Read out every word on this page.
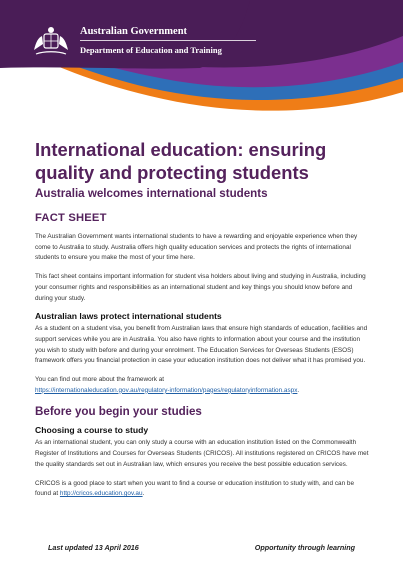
Australian Government
Department of Education and Training
International education: ensuring
quality and protecting students
Australia welcomes international students
FACT SHEET

The Australian Government wants international students to have a rewarding and enjoyable experience when they come to Australia to study. Australia offers high quality education services and protects the rights of international students to ensure you make the most of your time here.

This fact sheet contains important information for student visa holders about living and studying in Australia, including your consumer rights and responsibilities as an international student and key things you should know before and during your study.

Australian laws protect international students

As a student on a student visa, you benefit from Australian laws that ensure high standards of education, facilities and support services while you are in Australia. You also have rights to information about your course and the institution you wish to study with before and during your enrolment. The Education Services for Overseas Students (ESOS) framework offers you financial protection in case your education institution does not deliver what it has promised you.

You can find out more about the framework at
https://internationaleducation.gov.au/regulatory-information/pages/regulatoryinformation.aspx.

Before you begin your studies
Choosing a course to study

As an international student, you can only study a course with an education institution listed on the Commonwealth Register of Institutions and Courses for Overseas Students (CRICOS). All institutions registered on CRICOS have met the quality standards set out in Australian law, which ensures you receive the best possible education services.

CRICOS is a good place to start when you want to find a course or education institution to study with, and can be found at http://cricos.education.gov.au.

Last updated 13 April 2016	Opportunity through learning
